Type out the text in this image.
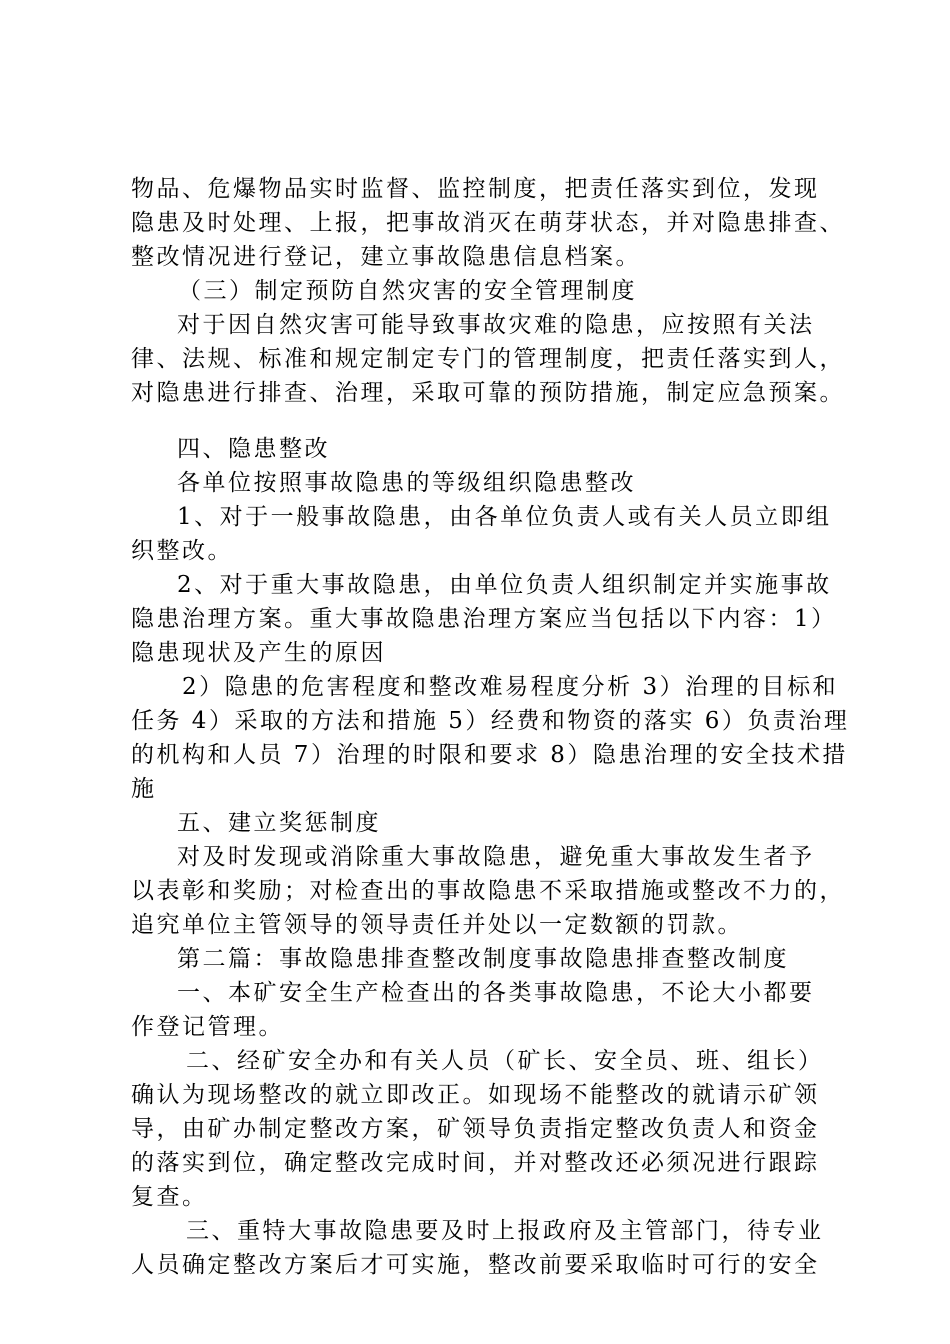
物品、危爆物品实时监督、监控制度，把责任落实到位，发现
隐患及时处理、上报，把事故消灭在萌芽状态，并对隐患排查、
整改情况进行登记，建立事故隐患信息档案。
（三）制定预防自然灾害的安全管理制度
对于因自然灾害可能导致事故灾难的隐患，应按照有关法
律、法规、标准和规定制定专门的管理制度，把责任落实到人，
对隐患进行排查、治理，采取可靠的预防措施，制定应急预案。
四、隐患整改
各单位按照事故隐患的等级组织隐患整改
1、对于一般事故隐患，由各单位负责人或有关人员立即组
织整改。
2、对于重大事故隐患，由单位负责人组织制定并实施事故
隐患治理方案。重大事故隐患治理方案应当包括以下内容：1）
隐患现状及产生的原因
2）隐患的危害程度和整改难易程度分析 3）治理的目标和
任务 4）采取的方法和措施 5）经费和物资的落实 6）负责治理
的机构和人员 7）治理的时限和要求 8）隐患治理的安全技术措
施
五、建立奖惩制度
对及时发现或消除重大事故隐患，避免重大事故发生者予
以表彰和奖励；对检查出的事故隐患不采取措施或整改不力的，
追究单位主管领导的领导责任并处以一定数额的罚款。
第二篇：事故隐患排查整改制度事故隐患排查整改制度
一、本矿安全生产检查出的各类事故隐患，不论大小都要
作登记管理。
二、经矿安全办和有关人员（矿长、安全员、班、组长）
确认为现场整改的就立即改正。如现场不能整改的就请示矿领
导，由矿办制定整改方案，矿领导负责指定整改负责人和资金
的落实到位，确定整改完成时间，并对整改还必须况进行跟踪
复查。
三、重特大事故隐患要及时上报政府及主管部门，待专业
人员确定整改方案后才可实施，整改前要采取临时可行的安全
